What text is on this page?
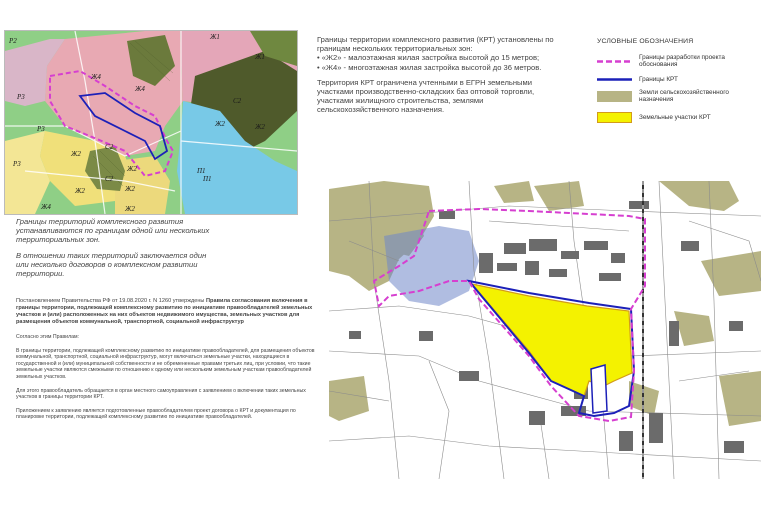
Р2	Ж1
Ж4
Р3	С2
Ж2
П1
Ж1
Ж2
Р3
Ж2
Р3
С2
Ж2
П1
Ж2
Ж4
Ж2
Ж2
С2
Ж4

Границы территорий комплексного развития устанавливаются по границам одной или нескольких территориальных зон.

В отношении таких территорий заключается один или несколько договоров о комплексном развитии территории.

Границы территории комплексного развития (КРТ) установлены по границам нескольких территориальных зон:

• «Ж2» - малоэтажная жилая застройка высотой до 15 метров;

• «Ж4» - многоэтажная жилая застройка высотой до 36 метров.

Территория КРТ ограничена учтенными в ЕГРН земельными участками производственно-складских баз оптовой торговли, участками жилищного строительства, землями сельскохозяйственного назначения.

УСЛОВНЫЕ ОБОЗНАЧЕНИЯ
Границы разработки проекта обоснования
Границы КРТ
Земли сельскохозяйственного назначения
Земельные участки КРТ

Постановлением Правительства РФ от 19.08.2020 г. N 1260 утверждены Правила согласования включения в границы территории, подлежащей комплексному развитию по инициативе правообладателей земельных участков и (или) расположенных на них объектов недвижимого имущества, земельных участков для размещения объектов коммунальной, транспортной, социальной инфраструктур

Согласно этим Правилам:

В границы территории, подлежащей комплексному развитию по инициативе правообладателей, для размещения объектов коммунальной, транспортной, социальной инфраструктур, могут включаться земельные участки, находящиеся в государственной и (или) муниципальной собственности и не обремененные правами третьих лиц, при условии, что такие земельные участки являются смежными по отношению к одному или нескольким земельным участкам правообладателей земельных участков.

Для этого правообладатель обращается в орган местного самоуправления с заявлением о включении таких земельных участков в границы территории КРТ.

Приложением к заявлению является подготовленные правообладателем проект договора о КРТ и документация по планировке территории, подлежащей комплексному развитию по инициативе правообладателей.
